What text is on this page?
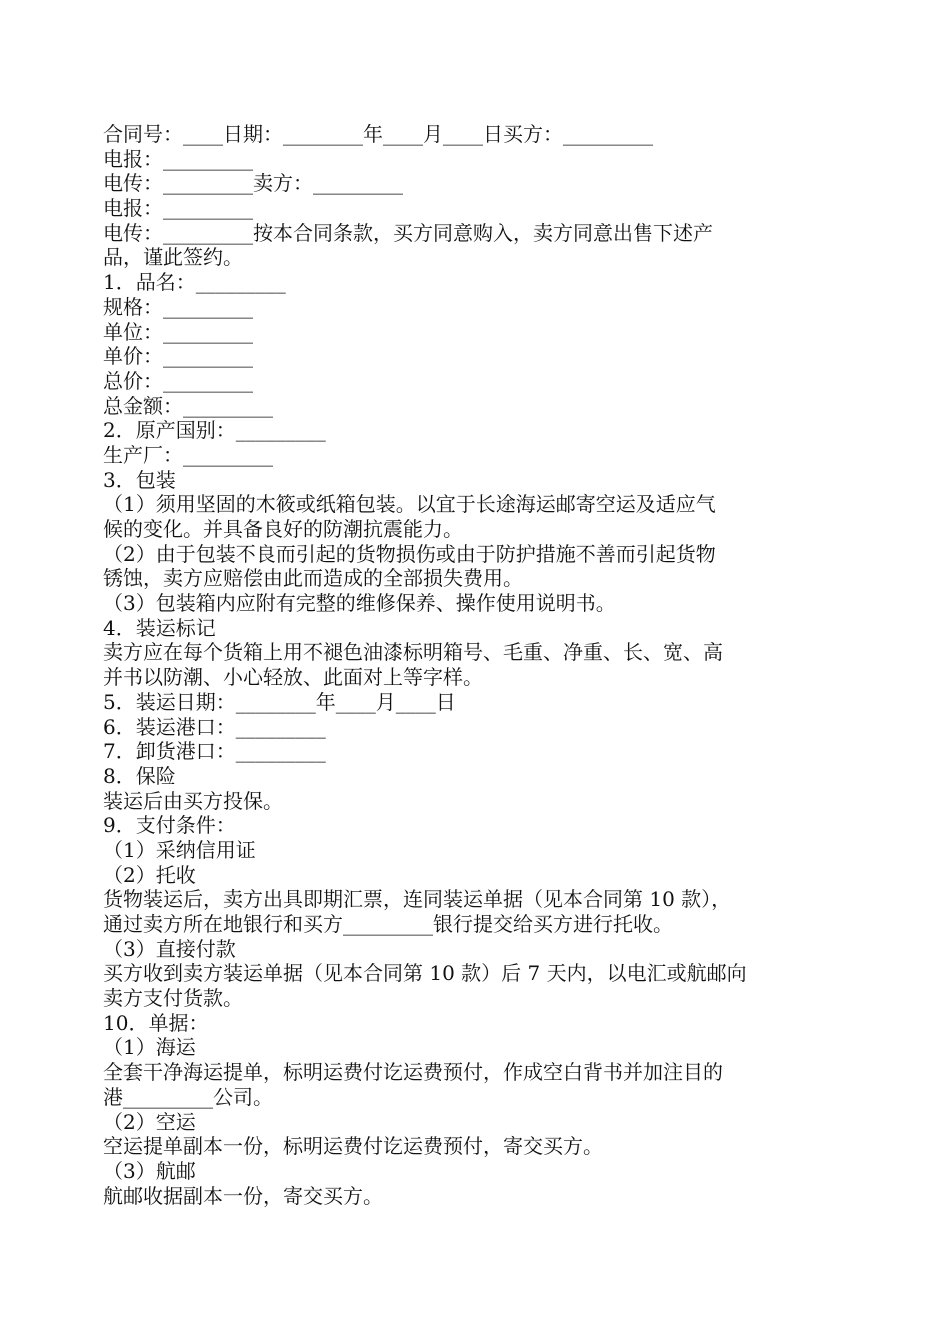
合同号：____日期：________年____月____日买方：_________

电报：_________

电传：_________卖方：_________

电报：_________

电传：_________按本合同条款，买方同意购入，卖方同意出售下述产

品，谨此签约。

1．品名：_________

规格：_________

单位：_________

单价：_________

总价：_________

总金额：_________

2．原产国别：_________

生产厂：_________

3．包装

（1）须用坚固的木筱或纸箱包装。以宜于长途海运邮寄空运及适应气

候的变化。并具备良好的防潮抗震能力。

（2）由于包装不良而引起的货物损伤或由于防护措施不善而引起货物

锈蚀，卖方应赔偿由此而造成的全部损失费用。

（3）包装箱内应附有完整的维修保养、操作使用说明书。

4．装运标记

卖方应在每个货箱上用不褪色油漆标明箱号、毛重、净重、长、宽、高

并书以防潮、小心轻放、此面对上等字样。

5．装运日期：________年____月____日

6．装运港口：_________

7．卸货港口：_________

8．保险

装运后由买方投保。

9．支付条件：

（1）采纳信用证

（2）托收

货物装运后，卖方出具即期汇票，连同装运单据（见本合同第 10 款），

通过卖方所在地银行和买方_________银行提交给买方进行托收。

（3）直接付款

买方收到卖方装运单据（见本合同第 10 款）后 7 天内，以电汇或航邮向

卖方支付货款。

10．单据：

（1）海运

全套干净海运提单，标明运费付讫运费预付，作成空白背书并加注目的

港_________公司。

（2）空运

空运提单副本一份，标明运费付讫运费预付，寄交买方。

（3）航邮

航邮收据副本一份，寄交买方。
